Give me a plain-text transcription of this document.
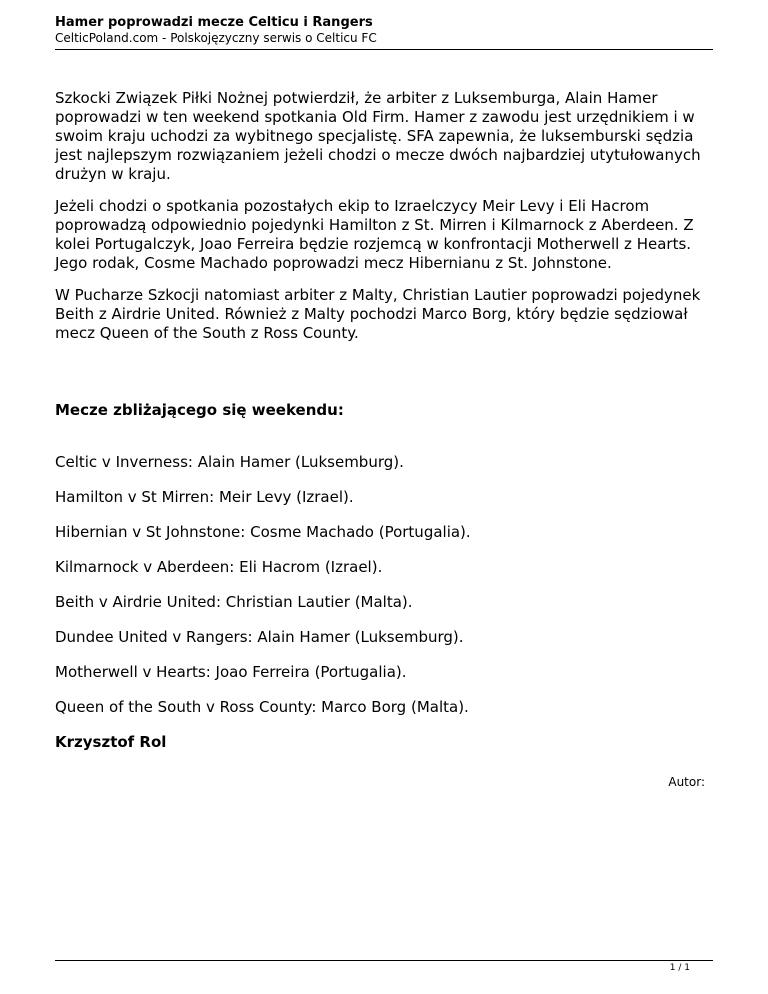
Hamer poprowadzi mecze Celticu i Rangers
CelticPoland.com - Polskojęzyczny serwis o Celticu FC

Szkocki Związek Piłki Nożnej potwierdził, że arbiter z Luksemburga, Alain Hamer poprowadzi w ten weekend spotkania Old Firm. Hamer z zawodu jest urzędnikiem i w swoim kraju uchodzi za wybitnego specjalistę. SFA zapewnia, że luksemburski sędzia jest najlepszym rozwiązaniem jeżeli chodzi o mecze dwóch najbardziej utytułowanych drużyn w kraju.

Jeżeli chodzi o spotkania pozostałych ekip to Izraelczycy Meir Levy i Eli Hacrom poprowadzą odpowiednio pojedynki Hamilton z St. Mirren i Kilmarnock z Aberdeen. Z kolei Portugalczyk, Joao Ferreira będzie rozjemcą w konfrontacji Motherwell z Hearts. Jego rodak, Cosme Machado poprowadzi mecz Hibernianu z St. Johnstone.

W Pucharze Szkocji natomiast arbiter z Malty, Christian Lautier poprowadzi pojedynek Beith z Airdrie United. Również z Malty pochodzi Marco Borg, który będzie sędziował mecz Queen of the South z Ross County.

Mecze zbliżającego się weekendu:
Celtic v Inverness: Alain Hamer (Luksemburg).
Hamilton v St Mirren: Meir Levy (Izrael).
Hibernian v St Johnstone: Cosme Machado (Portugalia).
Kilmarnock v Aberdeen: Eli Hacrom (Izrael).
Beith v Airdrie United: Christian Lautier (Malta).
Dundee United v Rangers: Alain Hamer (Luksemburg).
Motherwell v Hearts: Joao Ferreira (Portugalia).
Queen of the South v Ross County: Marco Borg (Malta).
Krzysztof Rol
Autor:
1 / 1
